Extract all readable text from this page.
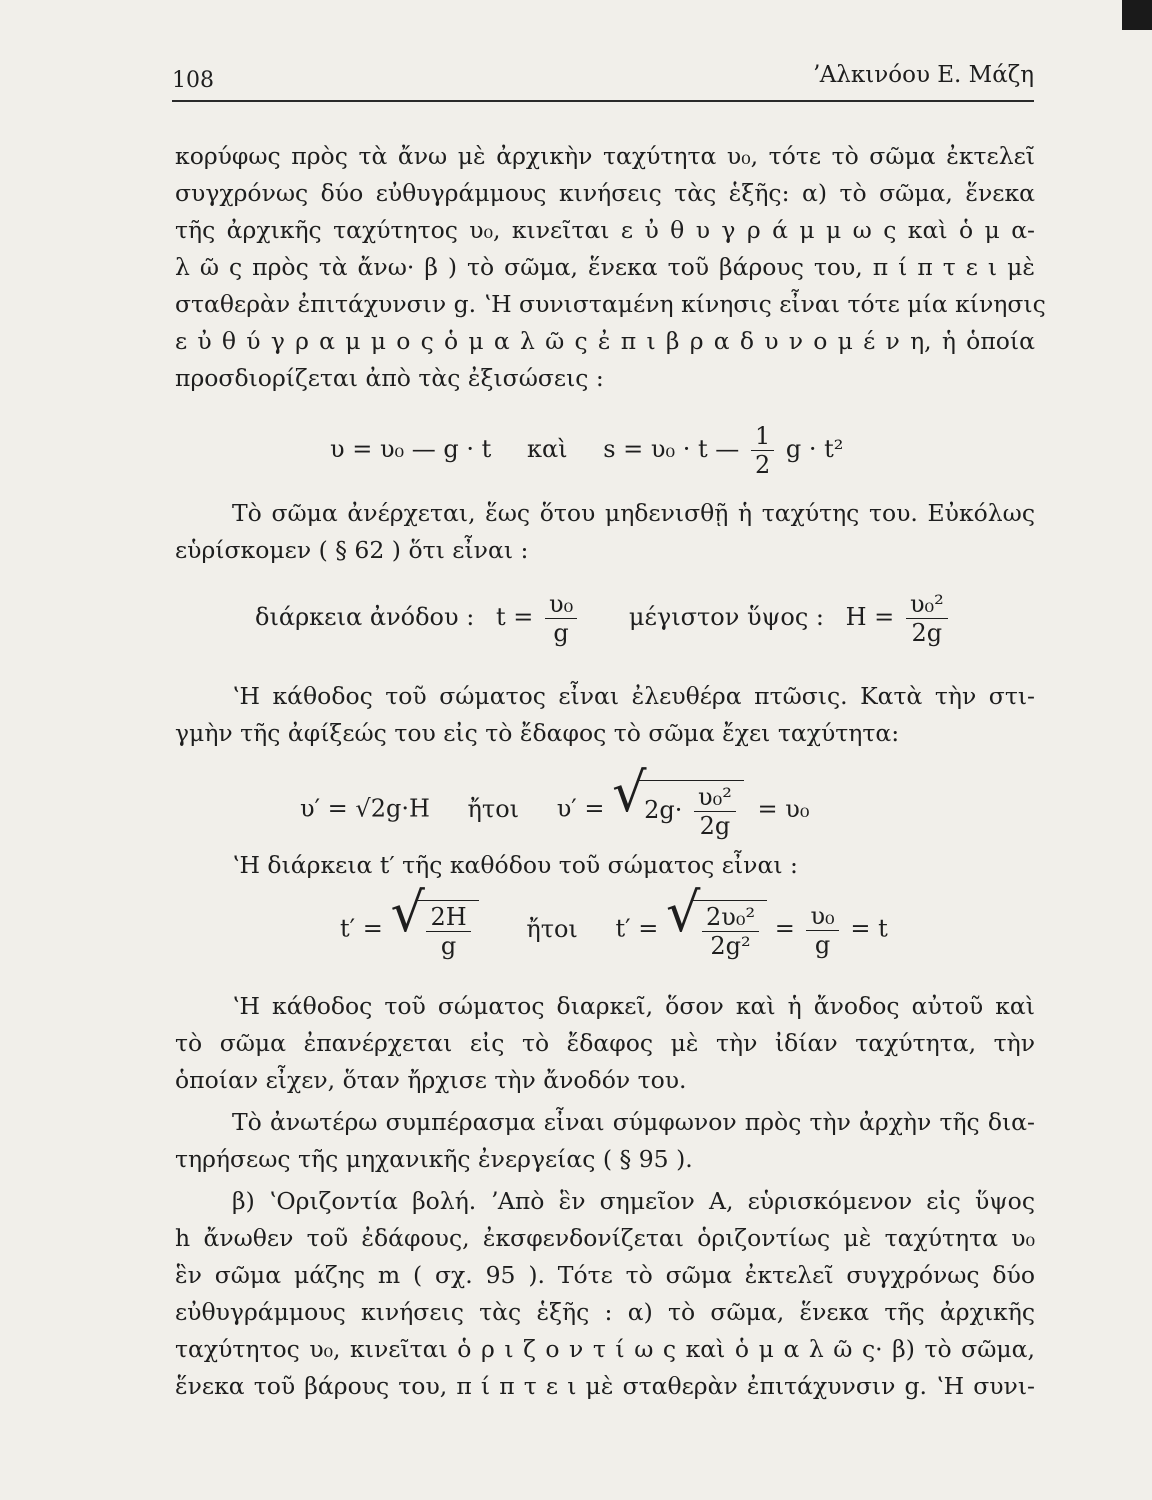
108	ʼΑλκινόου Ε. Μάζη
κορύφως πρὸς τὰ ἄνω μὲ ἀρχικὴν ταχύτητα υ₀, τότε τὸ σῶμα ἐκτελεῖ
συγχρόνως δύο εὐθυγράμμους κινήσεις τὰς ἑξῆς: α) τὸ σῶμα, ἕνεκα
τῆς ἀρχικῆς ταχύτητος υ₀, κινεῖται ε ὐ θ υ γ ρ ά μ μ ω ς καὶ ὁ μ α-
λ ῶ ς πρὸς τὰ ἄνω· β ) τὸ σῶμα, ἕνεκα τοῦ βάρους του, π ί π τ ε ι μὲ
σταθερὰν ἐπιτάχυνσιν g. ʽΗ συνισταμένη κίνησις εἶναι τότε μία κίνησις
ε ὐ θ ύ γ ρ α μ μ ο ς ὁ μ α λ ῶ ς ἐ π ι β ρ α δ υ ν ο μ έ ν η, ἡ ὁποία
προσδιορίζεται ἀπὸ τὰς ἐξισώσεις :
υ = υ₀ — g · t καὶ s = υ₀ · t — $\frac{1}{2}$ g · t²
Τὸ σῶμα ἀνέρχεται, ἕως ὅτου μηδενισθῇ ἡ ταχύτης του. Εὐκόλως
εὑρίσκομεν ( § 62 ) ὅτι εἶναι :
διάρκεια ἀνόδου : $t = \frac{\text{υ₀}}{g}$ μέγιστον ὕψος : $H = \frac{\text{υ₀²}}{2g}$
ʽΗ κάθοδος τοῦ σώματος εἶναι ἐλευθέρα πτῶσις. Κατὰ τὴν στι-
γμὴν τῆς ἀφίξεώς του εἰς τὸ ἔδαφος τὸ σῶμα ἔχει ταχύτητα:
υ′ = √2g·H ἤτοι υ′ = √
$2g\cdot \frac{\text{υ₀²}}{2g} = \upsilon_0$
ʽΗ διάρκεια t′ τῆς καθόδου τοῦ σώματος εἶναι :
t′ = √ $\frac{2H}{g}$ ἤτοι t′ = √ $\frac{\text{2υ₀²}}{\text{2g²}} = \frac{\text{υ₀}}{g} = t$
ʽΗ κάθοδος τοῦ σώματος διαρκεῖ, ὅσον καὶ ἡ ἄνοδος αὐτοῦ καὶ
τὸ σῶμα ἐπανέρχεται εἰς τὸ ἔδαφος μὲ τὴν ἰδίαν ταχύτητα, τὴν
ὁποίαν εἶχεν, ὅταν ἤρχισε τὴν ἄνοδόν του.
Τὸ ἀνωτέρω συμπέρασμα εἶναι σύμφωνον πρὸς τὴν ἀρχὴν τῆς δια-
τηρήσεως τῆς μηχανικῆς ἐνεργείας ( § 95 ).
β) ʽΟριζοντία βολή. ʼΑπὸ ἓν σημεῖον Α, εὑρισκόμενον εἰς ὕψος
h ἄνωθεν τοῦ ἐδάφους, ἐκσφενδονίζεται ὁριζοντίως μὲ ταχύτητα υ₀
ἓν σῶμα μάζης m ( σχ. 95 ). Τότε τὸ σῶμα ἐκτελεῖ συγχρόνως δύο
εὐθυγράμμους κινήσεις τὰς ἑξῆς : α) τὸ σῶμα, ἕνεκα τῆς ἀρχικῆς
ταχύτητος υ₀, κινεῖται ὁ ρ ι ζ ο ν τ ί ω ς καὶ ὁ μ α λ ῶ ς· β) τὸ σῶμα,
ἕνεκα τοῦ βάρους του, π ί π τ ε ι μὲ σταθερὰν ἐπιτάχυνσιν g. ʽΗ συνι-
